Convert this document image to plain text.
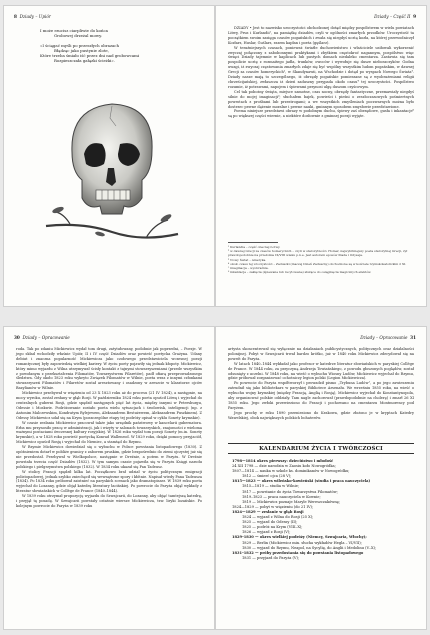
8 Dziady – Upiór

I może rzucisz ciarpliwie do końca

Grobowej drzeżal mowy.

«I ściągać myśli po przeszłych obrazach

Błądząc jako pustynie zlote,

Które trzeba śmiało iść przez dni nad grobowcami

Rozpieszczała gałązki ścieżki».

Dziady – Część II 9

DZIADY • Jest to nazwisko uroczystości obchodzonej dotąd między pospólstwem w wielu powiatach Litwy, Prus i Kurlandii¹, na pamiątkę dziadów, czyli w ogólności zmarłych przodków. Uroczystość ta początkiem swoim zasięga czasów pogańskich i zwała się niegdyś ucztą kozła, na której przewodniczył Kozłarz, Huslar, Guślarz, razem kapłan i poeta (gęślarz).

W teraźniejszych czasach, ponieważ światłe duchowieństwo i właściciele usiłowali wykorzenić zwyczaj połączony z zabobonnymi praktykami i zbytkiem częstokroć nagannym, pospólstwo więc święci Dziady tajemnie w kaplicach lub pustych domach niedaleko cmentarza. Zastawia się tam pospolicie ucztę z rozmaitego jadła, trunków, owoców i wywołuje się dusze nieboszczyków. Godna uwagi, iż zwyczaj częstowania zmarłych zdaje się być wspólny wszystkim ludom pogańskim, w dawnej Grecji za czasów homeryckich², w Skandynawii, na Wschodzie i dotąd po wyspach Nowego Świata³. Dziady nasze mają to szczególnego, iż obrzędy pogańskie pomieszane są z wyobrażeniami religii chrześcijańskiej, zwłaszcza iż dzień zaduszny przypada około czasu⁴ tej uroczystości. Pospólstwo rozumie, iż potrawami, napojem i śpiewami przynosi ulgę duszom czyścowym.

Cel tak pobożny święta, miejsce samotne, czas nocny, obrzędy fantastyczne, przemawiały niegdyś silnie do mojej imaginacji⁵; słuchałem bajek, powieści i pieśni o zeszłoczasowych pośmiertnych powrotach z prośbami lub przestrogami; a we wszystkich zmyśleniach poczwarnych można było dostrzec pewne dążenie moralne i pewne nauki, gminnym sposobem zmysłowie przedstawione.

Poema niniejsze przedstawi obrazy w podobnym duchu, śpiewy zaś obrzędowe, gusła i inkantacje⁶ są po większej części wiernie, a niektóre dosłownie z gminnej poezji wyjęte.

¹ Kurlandia – część obecnej Łotwy.
² w dawnej Grecji za czasów homeryckich – czyli w starożytności. Homer, najwybitniejszy poeta starożytnej Grecji, żył prawdopodobnie na przełomie IX/VIII wieku p.n.e. Jest autorem eposów Iliada i Odyseja.
³ Nowy Świat – Ameryka.
⁴ około czasu tej uroczystości – Zaduszki (inaczej Dzień Zaduszny) obchodzone są w kościele rzymskokatolickim 2 XI.
⁵ imaginacja – wyobraźnia.
⁶ inkantacje – zaklęcia (śpiewane lub recytowane) służące do osiągnięcia magicznych efektów.
30 Dziady – Opracowanie

roda. Tak po zdaniu Mickiewicz wydał tom drugi, zatytułowany, podobnie jak poprzedni, – Poezje. W jego skład wchodziły właśnie Upiór, II i IV część Dziadów oraz powieść poetycka Grażyna. Udany debiut i znaczna popularność Mickiewicza jako czołowego przedstawiciela wczesnej poezji romantycznej były zapowiedzią wielkiej kariery. W życiu poety pojawiły się jednak kłopoty. Mickiewicz, który mimo wyjazdu z Wilna utrzymywał ścisły kontakt z tajnymi stowarzyszeniami (przede wszystkim z powołanym z przekształcenia Filomatów, Towarzystwem Filaretów), padł ofiarą przeprowadzonego śledztwa. Gdy około 1823 roku wykryto Związek Filomatów w Wilnie, poeta wraz z innymi członkami stowarzyszeń Filomatów i Filaretów został aresztowany i osadzony w areszcie w klasztorze ojców Bazylianów w Wilnie.

Mickiewicz przebywał w więzieniu od 23 X 1823 roku aż do procesu (21 IV 1824), a następnie, na mocy wyroku, został zesłany w głąb Rosji. W październiku 1824 roku poeta opuścił Litwę i wyjechał do centralnych guberni Rosji, gdzie spędził następnych pięć lat życia, między innymi w Petersburgu, Odessie i Moskwie. Podróżowanie zostało poeta wielu sytuacjach i środowisk, inteligencji (np. z Antonim Malczewskim, Kondratym Rylejewem, Aleksandrem Bestużewem, Aleksandrem Puszkinem). Z Odessy Mickiewicz udał się na Krym (poszczególne etapy tej podróży opisał w cyklu Sonety krymskie).

W czasie zesłania Mickiewicz pracował także jako urzędnik państwowy w kancelarii gubernatora. Erba mu przynosiło pracę w administracji, jak i wizyty w salonach towarzyskich, znajomości z wieloma ważnymi postaciami ówczesnej kultury rosyjskiej. W 1826 roku wydał tom poezji Sonety (m.in. Sonety krymskie), a w 1828 roku powieść poetycką Konrad Wallenrod. W 1829 roku, dzięki pomocy przyjaciół, Mickiewicz opuścił Rosję i wyjechał do Niemiec, a stamtąd do Rzymu.

W Rzymie Mickiewicz dowiedział się o wybuchu w Polsce powstania listopadowego (1830). Z opóźnieniem dotarł w pobliże granicy z zaborem pruskim, gdzie bezpośrednio do ziemi ojczystej już się nie przedostał. Przebywał w Wielkopolsce, następnie w Dreźnie, a potem w Paryżu. W Dreźnie powstała trzecia część Dziadów (1832). W tym samym czasie pojawiła się w Paryżu Księgi narodu polskiego i pielgrzymstwa polskiego (1832). W 1834 roku ukazał się Pan Tadeusz.

W stolicy Francji spędził kilka lat. Początkowo brał udział w życiu politycznym emigracji polistopadowej, jednak szybko zniechęcił się wewnętrzne spory i kłótnie. Napisał wtedy Pana Tadeusza (1834). Po 1834 roku próbował zaistnieć na paryskich scenach jako dramatopisarz. W 1839 roku poeta wyjechał do Lozanny, gdzie objął katedrę literatury łacińskiej. Po powrocie do Paryża objął wykłady z literatur słowiańskich w Collège de France (1840–1844).

W 1839 roku otrzymał propozycję wyjazdu do Szwajcarii, do Lozanny, aby objąć tamtejszą katedrę, i przyjął tę posadę. W Szwajcarii powstały ostatnie wiersze Mickiewicza, tzw. liryki lozańskie. Po kolejnym powrocie do Paryża w 1839 roku

Dziady – Opracowanie 31

artysta skoncentrował się wyłącznie na działaniach publicystycznych, politycznych oraz działalności polonijnej. Pobyt w Szwajcarii trwał bardzo krótko, już w 1840 roku Mickiewicz zdecydował się na powrót do Paryża.

W latach 1840–1844 wykładał jako profesor w katedrze literatur słowiańskich w paryskiej Collège de France. W 1844 roku, za przyczyną Andrzeja Towiańskiego, z powodu głoszonych poglądów, został odsunięty z uczelni. W 1848 roku, na wieść o wybuchu Wiosny Ludów, Mickiewicz wyjechał do Rzymu, gdzie próbował zorganizować ochotniczy legion polski (Legion Mickiewicza).

Po powrocie do Paryża współtworzył i prowadził pismo „Trybuna Ludów”, a po jego zawieszeniu zatrudnił się jako bibliotekarz w paryskiej Bibliotece Arsenału. We wrześniu 1855 roku, na wieść o wybuchu wojny krymskiej (między Francją, Anglią i Rosją), Mickiewicz wyjechał do Konstantynopola, aby organizować polskie oddziały. Tam nagle zachorował (prawdopodobnie na cholerę) i zmarł 26 XI 1855 roku. Jego zwłoki przewieziono do Francji i pochowano na cmentarzu Montmorency pod Paryżem.

Jego prochy w roku 1890 przeniesiono do Krakowa, gdzie złożono je w kryptach Katedry Wawelskiej, obok największych polskich bohaterów.

KALENDARIUM ŻYCIA I TWÓRCZOŚCI
1798—1814 okres pierwszy: dzieciństwo i młodość
24 XII 1798 — dzie narodzin w Zaosiu koło Nowogródka;
1807—1814 — nauka w szkole ks. dominikanów w Nowogródku;
1812 — śmierć ojca (28 V);
1815—1823 — okres wileńsko-kowieński (studia i praca nauczyciela)
1815—1819 — studia w Wilnie;
1817 — powstanie do życia Towarzystwa Filomatów;
1819–1823 — praca nauczyciela w Kownie;
1819 — Mickiewicz poznaje Maryle Wereszczakównę;
1824—1829 — pobyt w więzieniu (do 21 IV);
1824—1829 — zesłanie w głąb Rosji
1824 — wyjazd z Wilna do Rosji (25 X);
1825 — wyjazd do Odessy (II);
1825 — podróż na Krym (VIII–X);
1826 — wyjazd z Rosji (V);
1829–1830 — okres wielkiej podróży (Niemcy, Szwajcaria, Włochy);
1829 — Berlin (Mickiewicz min. słucha wykładów Hegla – VI/VII);
1830 — wyjazd do Rzymu, Neapol, na Sycylię, do Anglii i Medolinu (V–X);
1831–1832 — próby przedostania się do powstania listopadowego
1831 — przyjazd do Paryża (V);
